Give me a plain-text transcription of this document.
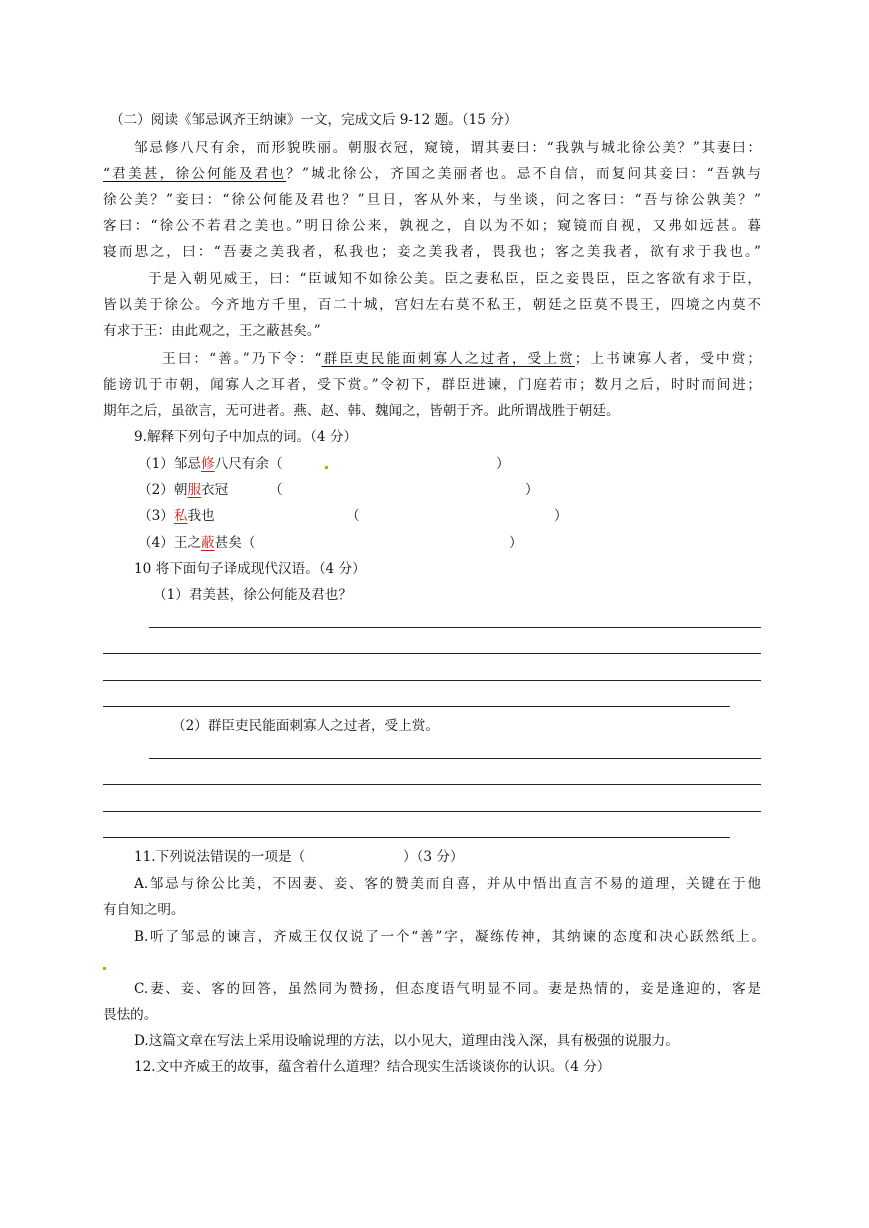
（二）阅读《邹忌讽齐王纳谏》一文，完成文后 9-12 题。（15 分）
邹忌修八尺有余，而形貌昳丽。朝服衣冠，窥镜，谓其妻曰：“我孰与城北徐公美？”其妻曰：
“君美甚，徐公何能及君也？”城北徐公，齐国之美丽者也。忌不自信，而复问其妾曰：“吾孰与
徐公美？”妾曰：“徐公何能及君也？”旦日，客从外来，与坐谈，问之客曰：“吾与徐公孰美？”
客曰：“徐公不若君之美也。”明日徐公来，孰视之，自以为不如；窥镜而自视，又弗如远甚。暮
寝而思之，曰：“吾妻之美我者，私我也；妾之美我者，畏我也；客之美我者，欲有求于我也。”
于是入朝见威王，曰：“臣诚知不如徐公美。臣之妻私臣，臣之妾畏臣，臣之客欲有求于臣，
皆以美于徐公。今齐地方千里，百二十城，宫妇左右莫不私王，朝廷之臣莫不畏王，四境之内莫不
有求于王：由此观之，王之蔽甚矣。”
王曰：“善。”乃下令：“群臣吏民能面刺寡人之过者，受上赏；上书谏寡人者，受中赏；
能谤讥于市朝，闻寡人之耳者，受下赏。”令初下，群臣进谏，门庭若市；数月之后，时时而间进；
期年之后，虽欲言，无可进者。燕、赵、韩、魏闻之，皆朝于齐。此所谓战胜于朝廷。
9.解释下列句子中加点的词。（4 分）
（1）邹忌修八尺有余（	）
（2）朝服衣冠	（	）
（3）私我也	（	）
（4）王之蔽甚矣（	）
10 将下面句子译成现代汉语。（4 分）
（1）君美甚，徐公何能及君也？
（2）群臣吏民能面刺寡人之过者，受上赏。
11.下列说法错误的一项是（	）（3 分）
A.邹忌与徐公比美，不因妻、妾、客的赞美而自喜，并从中悟出直言不易的道理，关键在于他
有自知之明。
B.听了邹忌的谏言，齐威王仅仅说了一个“善”字，凝练传神，其纳谏的态度和决心跃然纸上。
C.妻、妾、客的回答，虽然同为赞扬，但态度语气明显不同。妻是热情的，妾是逢迎的，客是
畏怯的。
D.这篇文章在写法上采用设喻说理的方法，以小见大，道理由浅入深，具有极强的说服力。
12.文中齐威王的故事，蕴含着什么道理？结合现实生活谈谈你的认识。（4 分）
